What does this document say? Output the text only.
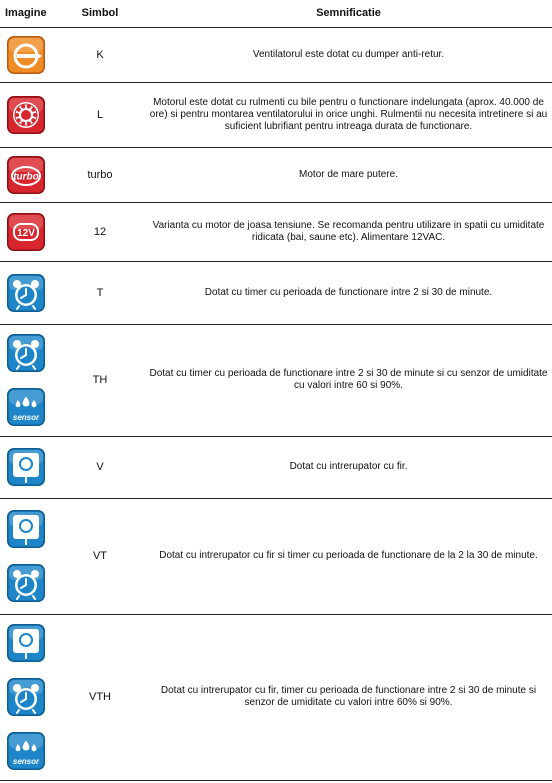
Imagine	Simbol	Semnificatie

	K	Ventilatorul este dotat cu dumper anti-retur.

	L	Motorul este dotat cu rulmenti cu bile pentru o functionare indelungata (aprox. 40.000 de ore) si pentru montarea ventilatorului in orice unghi. Rulmentii nu necesita intretinere si au suficient lubrifiant pentru intreaga durata de functionare.

turbo	turbo	Motor de mare putere.

12V	12	Varianta cu motor de joasa tensiune. Se recomanda pentru utilizare in spatii cu umiditate ridicata (bai, saune etc). Alimentare 12VAC.

	T	Dotat cu timer cu perioada de functionare intre 2 si 30 de minute.

sensor	TH	Dotat cu timer cu perioada de functionare intre 2 si 30 de minute si cu senzor de umiditate cu valori intre 60 si 90%.

	V	Dotat cu intrerupator cu fir.

	VT	Dotat cu intrerupator cu fir si timer cu perioada de functionare de la 2 la 30 de minute.

sensor	VTH	Dotat cu intrerupator cu fir, timer cu perioada de functionare intre 2 si 30 de minute si senzor de umiditate cu valori intre 60% si 90%.
